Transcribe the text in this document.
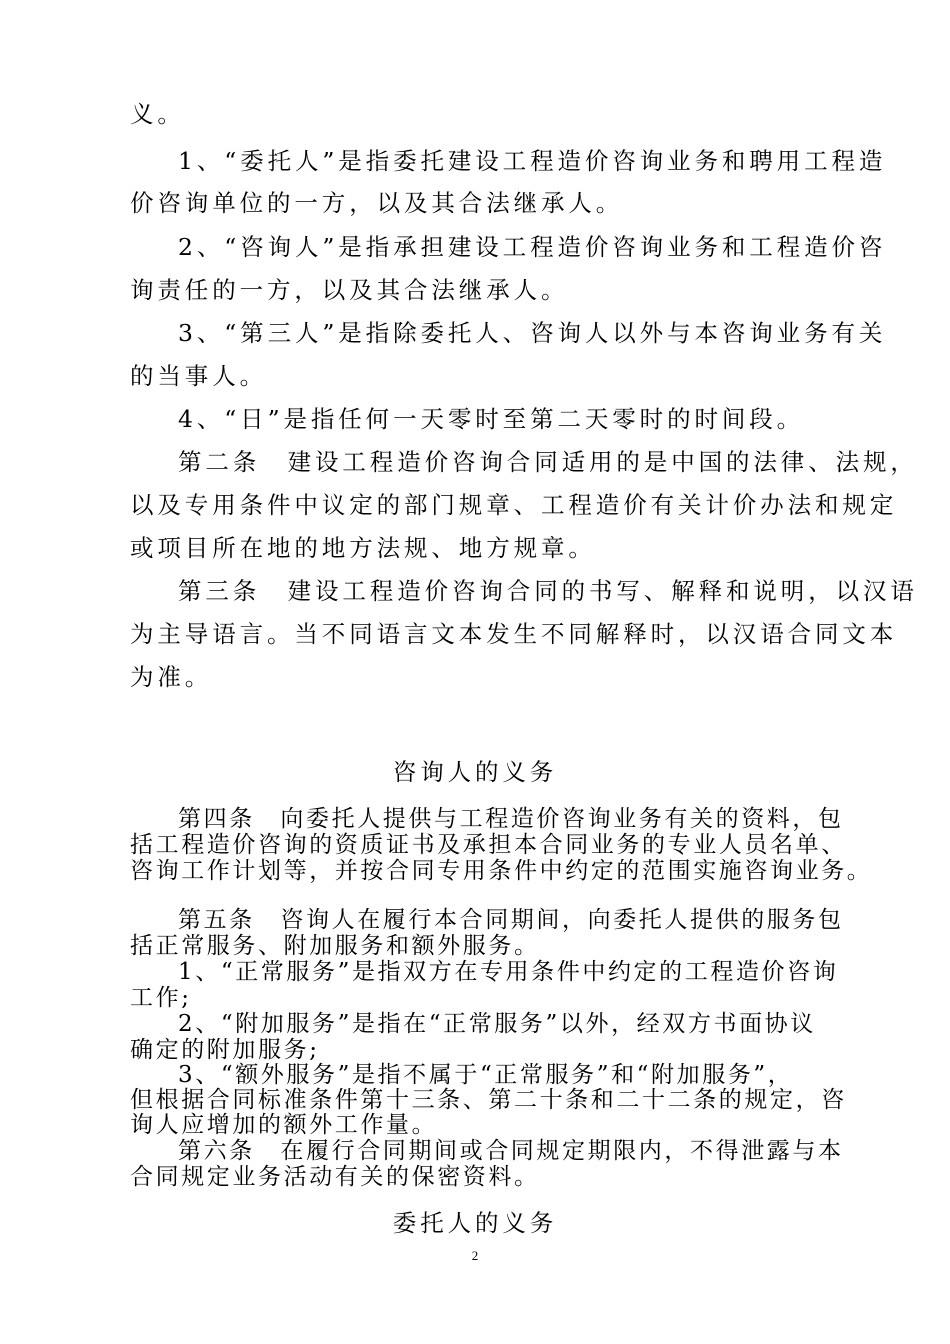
义。
1、“委托人”是指委托建设工程造价咨询业务和聘用工程造
价咨询单位的一方，以及其合法继承人。
2、“咨询人”是指承担建设工程造价咨询业务和工程造价咨
询责任的一方，以及其合法继承人。
3、“第三人”是指除委托人、咨询人以外与本咨询业务有关
的当事人。
4、“日”是指任何一天零时至第二天零时的时间段。
第二条　建设工程造价咨询合同适用的是中国的法律、法规，
以及专用条件中议定的部门规章、工程造价有关计价办法和规定
或项目所在地的地方法规、地方规章。
第三条　建设工程造价咨询合同的书写、解释和说明，以汉语
为主导语言。当不同语言文本发生不同解释时，以汉语合同文本
为准。
咨询人的义务
第四条　向委托人提供与工程造价咨询业务有关的资料，包
括工程造价咨询的资质证书及承担本合同业务的专业人员名单、
咨询工作计划等，并按合同专用条件中约定的范围实施咨询业务。
第五条　咨询人在履行本合同期间，向委托人提供的服务包
括正常服务、附加服务和额外服务。
1、“正常服务”是指双方在专用条件中约定的工程造价咨询
工作;
2、“附加服务”是指在“正常服务”以外，经双方书面协议
确定的附加服务;
3、“额外服务”是指不属于“正常服务”和“附加服务”，
但根据合同标准条件第十三条、第二十条和二十二条的规定，咨
询人应增加的额外工作量。
第六条　在履行合同期间或合同规定期限内，不得泄露与本
合同规定业务活动有关的保密资料。
委托人的义务
2
